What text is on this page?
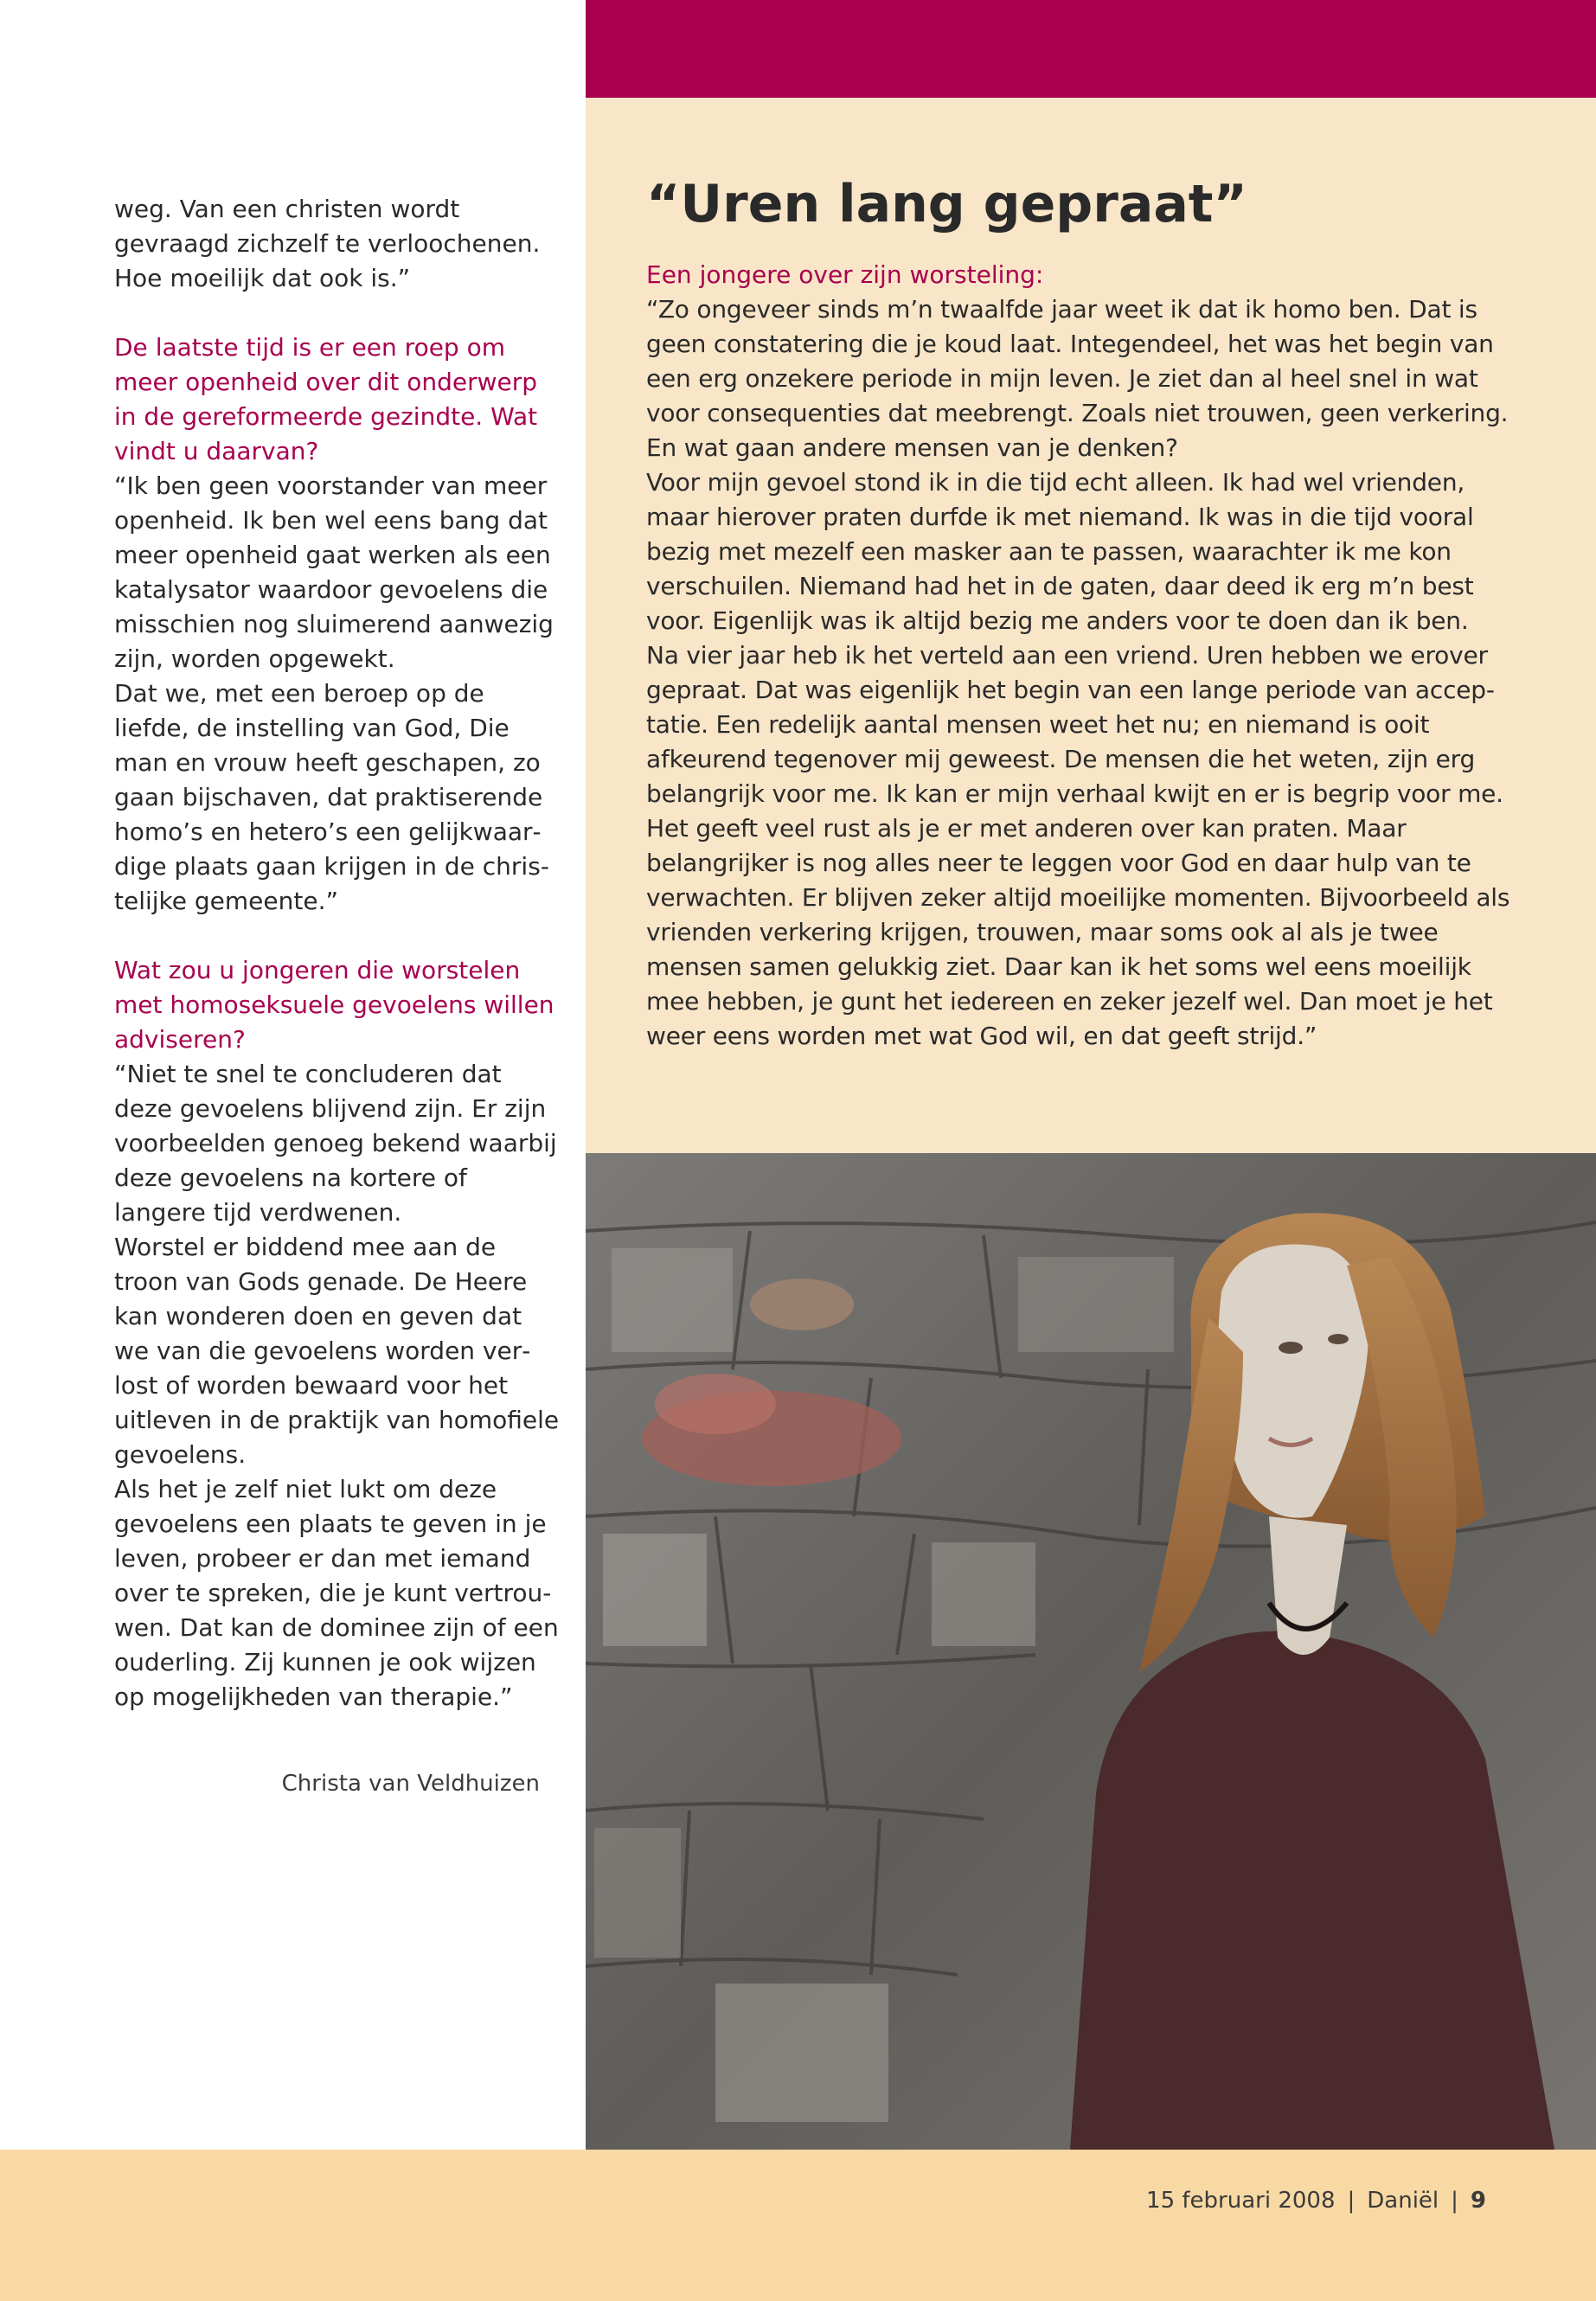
weg. Van een christen wordt gevraagd zichzelf te verloochenen. Hoe moeilijk dat ook is.”

De laatste tijd is er een roep om meer openheid over dit onderwerp in de gereformeerde gezindte. Wat vindt u daarvan?

“Ik ben geen voorstander van meer openheid. Ik ben wel eens bang dat meer openheid gaat werken als een katalysator waardoor gevoelens die misschien nog sluimerend aanwezig zijn, worden opgewekt.

Dat we, met een beroep op de liefde, de instelling van God, Die man en vrouw heeft geschapen, zo gaan bijschaven, dat praktiserende homo’s en hetero’s een gelijkwaardige plaats gaan krijgen in de christelijke gemeente.”

Wat zou u jongeren die worstelen met homoseksuele gevoelens willen adviseren?

“Niet te snel te concluderen dat deze gevoelens blijvend zijn. Er zijn voorbeelden genoeg bekend waarbij deze gevoelens na kortere of langere tijd verdwenen.

Worstel er biddend mee aan de troon van Gods genade. De Heere kan wonderen doen en geven dat we van die gevoelens worden verlost of worden bewaard voor het uitleven in de praktijk van homofiele gevoelens.

Als het je zelf niet lukt om deze gevoelens een plaats te geven in je leven, probeer er dan met iemand over te spreken, die je kunt vertrouwen. Dat kan de dominee zijn of een ouderling. Zij kunnen je ook wijzen op mogelijkheden van therapie.”

Christa van Veldhuizen
“Uren lang gepraat”

Een jongere over zijn worsteling:

“Zo ongeveer sinds m’n twaalfde jaar weet ik dat ik homo ben. Dat is geen constatering die je koud laat. Integendeel, het was het begin van een erg onzekere periode in mijn leven. Je ziet dan al heel snel in wat voor consequenties dat meebrengt. Zoals niet trouwen, geen verkering. En wat gaan andere mensen van je denken?

Voor mijn gevoel stond ik in die tijd echt alleen. Ik had wel vrienden, maar hierover praten durfde ik met niemand. Ik was in die tijd vooral bezig met mezelf een masker aan te passen, waarachter ik me kon verschuilen. Niemand had het in de gaten, daar deed ik erg m’n best voor. Eigenlijk was ik altijd bezig me anders voor te doen dan ik ben.

Na vier jaar heb ik het verteld aan een vriend. Uren hebben we erover gepraat. Dat was eigenlijk het begin van een lange periode van acceptatie. Een redelijk aantal mensen weet het nu; en niemand is ooit afkeurend tegenover mij geweest. De mensen die het weten, zijn erg belangrijk voor me. Ik kan er mijn verhaal kwijt en er is begrip voor me.

Het geeft veel rust als je er met anderen over kan praten. Maar belangrijker is nog alles neer te leggen voor God en daar hulp van te verwachten. Er blijven zeker altijd moeilijke momenten. Bijvoorbeeld als vrienden verkering krijgen, trouwen, maar soms ook al als je twee mensen samen gelukkig ziet. Daar kan ik het soms wel eens moeilijk mee hebben, je gunt het iedereen en zeker jezelf wel. Dan moet je het weer eens worden met wat God wil, en dat geeft strijd.”

15 februari 2008 | Daniël | 9
